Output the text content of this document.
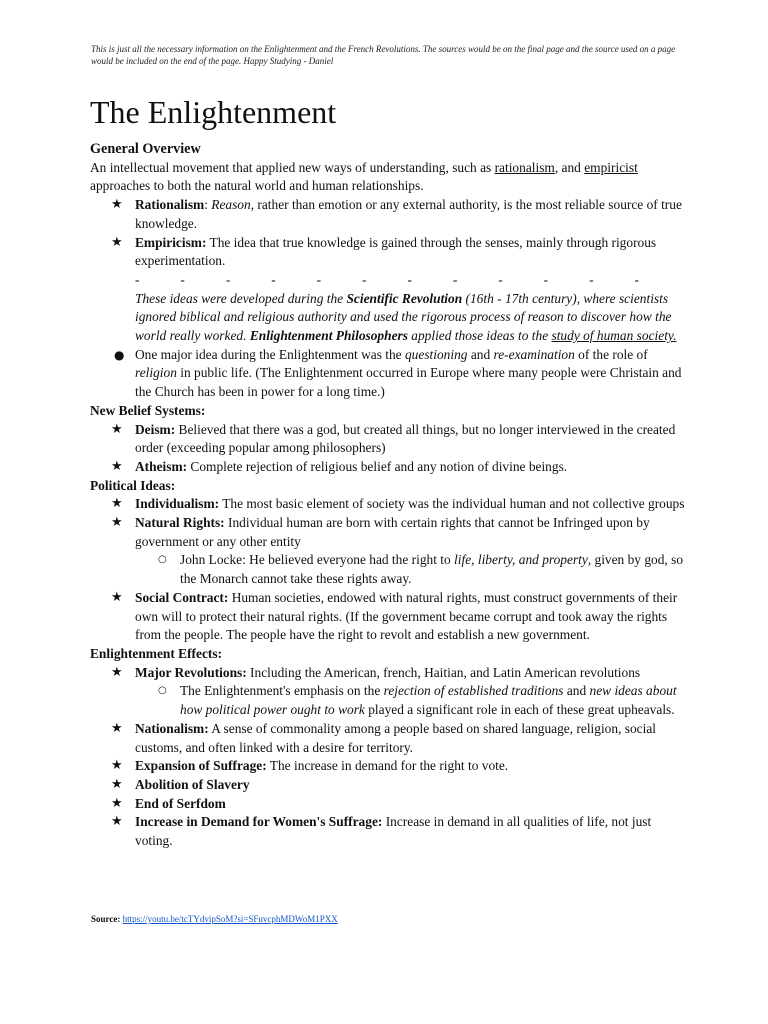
This is just all the necessary information on the Enlightenment and the French Revolutions. The sources would be on the final page and the source used on a page would be included on the end of the page. Happy Studying - Daniel
The Enlightenment
General Overview

An intellectual movement that applied new ways of understanding, such as rationalism, and empiricist approaches to both the natural world and human relationships.

★ Rationalism: Reason, rather than emotion or any external authority, is the most reliable source of true knowledge.
★ Empiricism: The idea that true knowledge is gained through the senses, mainly through rigorous experimentation.
-	-	-	-	-	-	-	-	-	-	-	-

These ideas were developed during the Scientific Revolution (16th - 17th century), where scientists ignored biblical and religious authority and used the rigorous process of reason to discover how the world really worked. Enlightenment Philosophers applied those ideas to the study of human society.

● One major idea during the Enlightenment was the questioning and re-examination of the role of religion in public life. (The Enlightenment occurred in Europe where many people were Christain and the Church has been in power for a long time.)
New Belief Systems:
★ Deism: Believed that there was a god, but created all things, but no longer interviewed in the created order (exceeding popular among philosophers)
★ Atheism: Complete rejection of religious belief and any notion of divine beings.
Political Ideas:
★ Individualism: The most basic element of society was the individual human and not collective groups
★ Natural Rights: Individual human are born with certain rights that cannot be Infringed upon by government or any other entity
○ John Locke: He believed everyone had the right to life, liberty, and property, given by god, so the Monarch cannot take these rights away.
★ Social Contract: Human societies, endowed with natural rights, must construct governments of their own will to protect their natural rights. (If the government became corrupt and took away the rights from the people. The people have the right to revolt and establish a new government.
Enlightenment Effects:
★ Major Revolutions: Including the American, french, Haitian, and Latin American revolutions
○ The Enlightenment's emphasis on the rejection of established traditions and new ideas about how political power ought to work played a significant role in each of these great upheavals.
★ Nationalism: A sense of commonality among a people based on shared language, religion, social customs, and often linked with a desire for territory.
★ Expansion of Suffrage: The increase in demand for the right to vote.
★ Abolition of Slavery
★ End of Serfdom
★ Increase in Demand for Women's Suffrage: Increase in demand in all qualities of life, not just voting.
Source: https://youtu.be/tcTYdvipSoM?si=SFuvcphMDWoM1PXX
